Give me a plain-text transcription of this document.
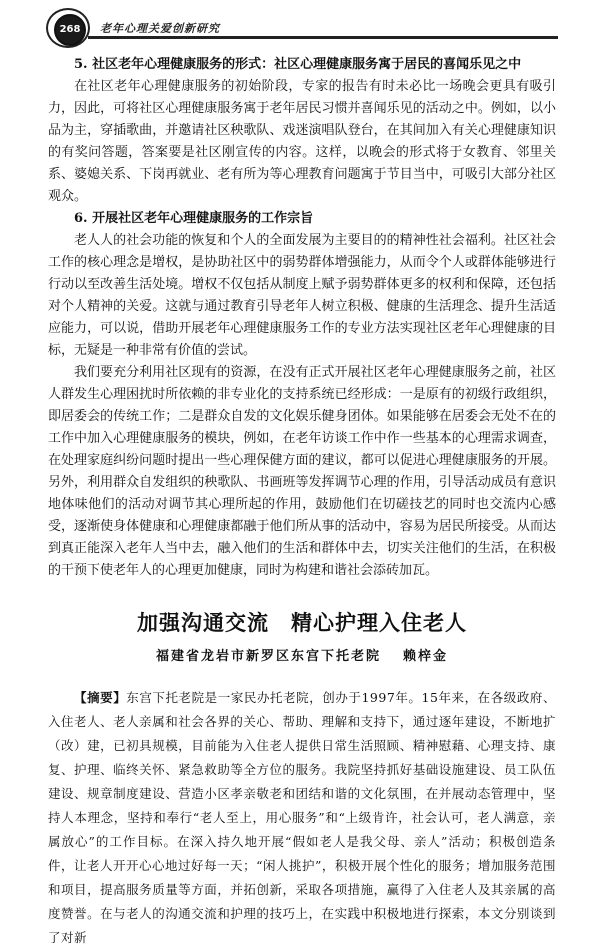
268	老年心理关爱创新研究

5. 社区老年心理健康服务的形式：社区心理健康服务寓于居民的喜闻乐见之中

在社区老年心理健康服务的初始阶段，专家的报告有时未必比一场晚会更具有吸引力，因此，可将社区心理健康服务寓于老年居民习惯并喜闻乐见的活动之中。例如，以小品为主，穿插歌曲，并邀请社区秧歌队、戏迷演唱队登台，在其间加入有关心理健康知识的有奖问答题，答案要是社区刚宣传的内容。这样，以晚会的形式将于女教育、邻里关系、婆媳关系、下岗再就业、老有所为等心理教育问题寓于节目当中，可吸引大部分社区观众。

6. 开展社区老年心理健康服务的工作宗旨

老人人的社会功能的恢复和个人的全面发展为主要目的的精神性社会福利。社区社会工作的核心理念是增权，是协助社区中的弱势群体增强能力，从而令个人或群体能够进行行动以至改善生活处境。增权不仅包括从制度上赋予弱势群体更多的权利和保障，还包括对个人精神的关爱。这就与通过教育引导老年人树立积极、健康的生活理念、提升生活适应能力，可以说，借助开展老年心理健康服务工作的专业方法实现社区老年心理健康的目标，无疑是一种非常有价值的尝试。

我们要充分利用社区现有的资源，在没有正式开展社区老年心理健康服务之前，社区人群发生心理困扰时所依赖的非专业化的支持系统已经形成：一是原有的初级行政组织，即居委会的传统工作；二是群众自发的文化娱乐健身团体。如果能够在居委会无处不在的工作中加入心理健康服务的模块，例如，在老年访谈工作中作一些基本的心理需求调查，在处理家庭纠纷问题时提出一些心理保健方面的建议，都可以促进心理健康服务的开展。另外，利用群众自发组织的秧歌队、书画班等发挥调节心理的作用，引导活动成员有意识地体味他们的活动对调节其心理所起的作用，鼓励他们在切磋技艺的同时也交流内心感受，逐渐使身体健康和心理健康都融于他们所从事的活动中，容易为居民所接受。从而达到真正能深入老年人当中去，融入他们的生活和群体中去，切实关注他们的生活，在积极的干预下使老年人的心理更加健康，同时为构建和谐社会添砖加瓦。

加强沟通交流 精心护理入住老人

福建省龙岩市新罗区东宫下托老院 赖梓金

【摘要】东宫下托老院是一家民办托老院，创办于1997年。15年来，在各级政府、入住老人、老人亲属和社会各界的关心、帮助、理解和支持下，通过逐年建设，不断地扩（改）建，已初具规模，目前能为入住老人提供日常生活照顾、精神慰藉、心理支持、康复、护理、临终关怀、紧急救助等全方位的服务。我院坚持抓好基础设施建设、员工队伍建设、规章制度建设、营造小区孝亲敬老和团结和谐的文化氛围，在并展动态管理中，坚持人本理念，坚持和奉行“老人至上，用心服务”和“上级肯许，社会认可，老人满意，亲属放心”的工作目标。在深入持久地开展“假如老人是我父母、亲人”活动；积极创造条件，让老人开开心心地过好每一天；“闲人挑护”，积极开展个性化的服务；增加服务范围和项目，提高服务质量等方面，并拓创新，采取各项措施，赢得了入住老人及其亲属的高度赞誉。在与老人的沟通交流和护理的技巧上，在实践中积极地进行探索，本文分别谈到了对新
